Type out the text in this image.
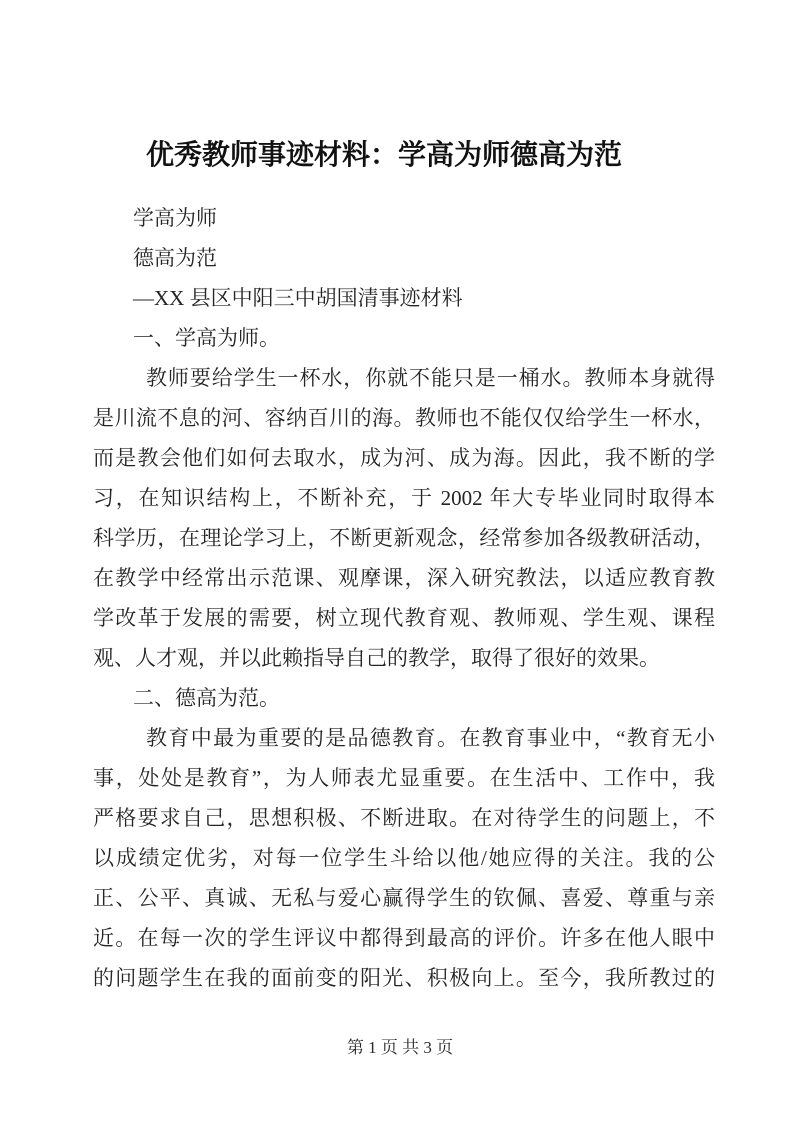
优秀教师事迹材料：学高为师德高为范
学高为师
德高为范
—XX 县区中阳三中胡国清事迹材料
一、学高为师。
教师要给学生一杯水，你就不能只是一桶水。教师本身就得
是川流不息的河、容纳百川的海。教师也不能仅仅给学生一杯水，
而是教会他们如何去取水，成为河、成为海。因此，我不断的学
习，在知识结构上，不断补充，于 2002 年大专毕业同时取得本
科学历，在理论学习上，不断更新观念，经常参加各级教研活动，
在教学中经常出示范课、观摩课，深入研究教法，以适应教育教
学改革于发展的需要，树立现代教育观、教师观、学生观、课程
观、人才观，并以此赖指导自己的教学，取得了很好的效果。
二、德高为范。
教育中最为重要的是品德教育。在教育事业中，“教育无小
事，处处是教育”，为人师表尤显重要。在生活中、工作中，我
严格要求自己，思想积极、不断进取。在对待学生的问题上，不
以成绩定优劣，对每一位学生斗给以他/她应得的关注。我的公
正、公平、真诚、无私与爱心赢得学生的钦佩、喜爱、尊重与亲
近。在每一次的学生评议中都得到最高的评价。许多在他人眼中
的问题学生在我的面前变的阳光、积极向上。至今，我所教过的
第 1 页 共 3 页
